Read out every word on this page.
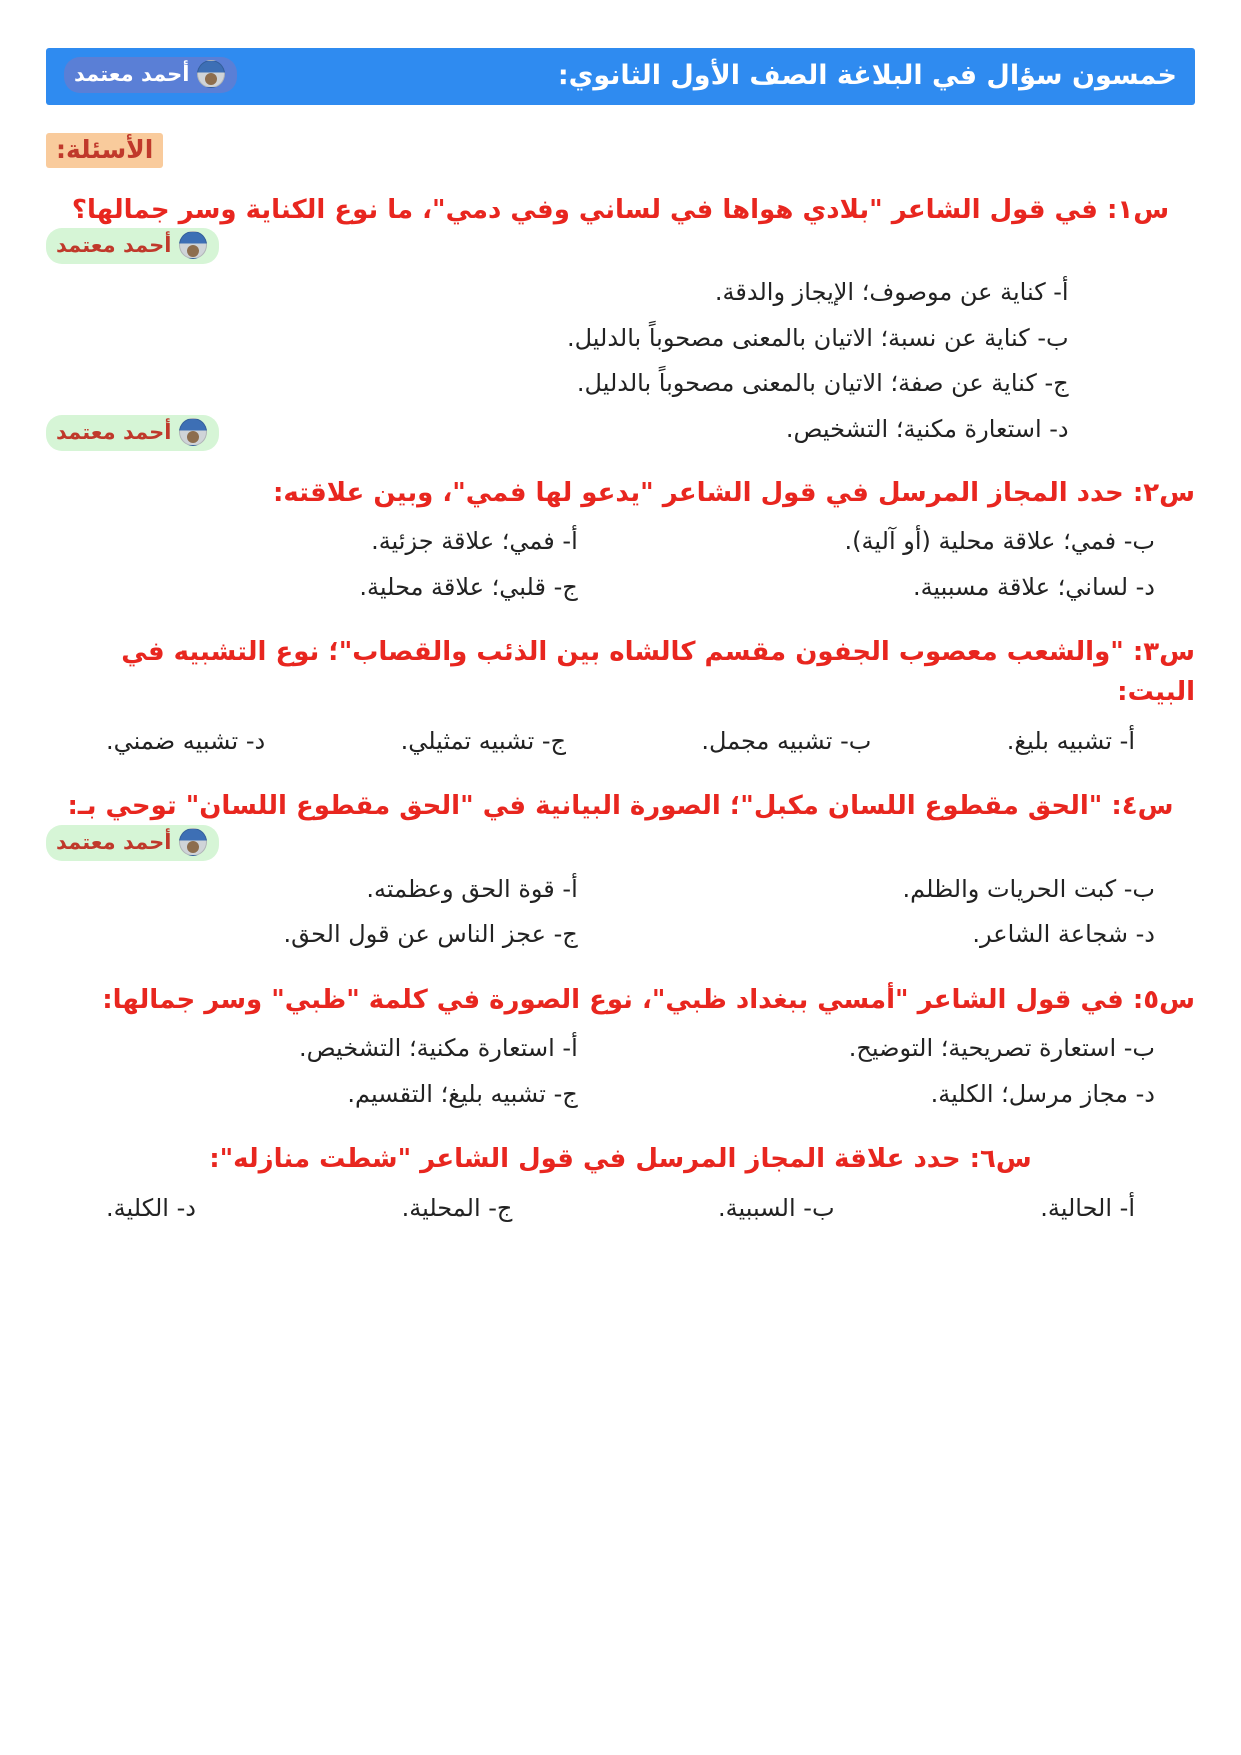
خمسون سؤال في البلاغة الصف الأول الثانوي:
أحمد معتمد
الأسئلة:
س١: في قول الشاعر "بلادي هواها في لساني وفي دمي"، ما نوع الكناية وسر جمالها؟
أحمد معتمد
أ- كناية عن موصوف؛ الإيجاز والدقة.
ب- كناية عن نسبة؛ الاتيان بالمعنى مصحوباً بالدليل.
ج- كناية عن صفة؛ الاتيان بالمعنى مصحوباً بالدليل.
د- استعارة مكنية؛ التشخيص.
أحمد معتمد
س٢: حدد المجاز المرسل في قول الشاعر "يدعو لها فمي"، وبين علاقته:
ب- فمي؛ علاقة محلية (أو آلية).
أ- فمي؛ علاقة جزئية.
د- لساني؛ علاقة مسببية.
ج- قلبي؛ علاقة محلية.
س٣: "والشعب معصوب الجفون مقسم كالشاه بين الذئب والقصاب"؛ نوع التشبيه في البيت:
أ- تشبيه بليغ.
ب- تشبيه مجمل.
ج- تشبيه تمثيلي.
د- تشبيه ضمني.
س٤: "الحق مقطوع اللسان مكبل"؛ الصورة البيانية في "الحق مقطوع اللسان" توحي بـ:
أحمد معتمد
ب- كبت الحريات والظلم.
أ- قوة الحق وعظمته.
د- شجاعة الشاعر.
ج- عجز الناس عن قول الحق.
س٥: في قول الشاعر "أمسي ببغداد ظبي"، نوع الصورة في كلمة "ظبي" وسر جمالها:
ب- استعارة تصريحية؛ التوضيح.
أ- استعارة مكنية؛ التشخيص.
د- مجاز مرسل؛ الكلية.
ج- تشبيه بليغ؛ التقسيم.
س٦: حدد علاقة المجاز المرسل في قول الشاعر "شطت منازله":
أ- الحالية.
ب- السببية.
ج- المحلية.
د- الكلية.
